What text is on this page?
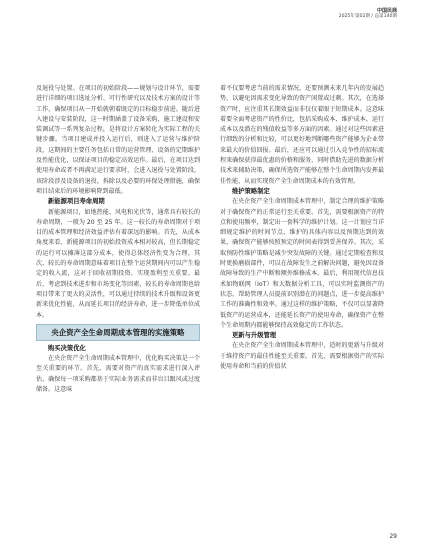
中国民商
2025年第02期 / 总第140期

及退役与处置。在项目的初始阶段——规划与设计环节，需要进行详细的项目选址分析、可行性研究以及技术方案的设计等工作，确保项目从一开始就朝着既定的目标稳步前进。随后进入建设与安装阶段，这一时期涵盖了设备采购、施工建设和安装调试等一系列复杂过程，是将设计方案转化为实际工程的关键步骤。当项目建成并投入运行后，则进入了运营与维护阶段，这期间的主要任务包括日常的运营管理、设备的定期维护及性能优化，以保证项目的稳定高效运作。最后，在项目达到使用寿命或者不再满足运行要求时，会进入退役与处置阶段，该阶段涉及设备的退役、拆除以及必要的环保处理措施，确保项目结束后的环境影响降到最低。

新能源项目寿命周期

新能源项目，如地热能、风电和光伏等，通常具有较长的寿命周期，一般为 20 至 25 年。这一较长的寿命周期对于项目的成本管理和经济效益评估有着深远的影响。首先，从成本角度来看，新能源项目的初始投资成本相对较高，但长期稳定的运行可以摊薄这部分成本，使得总体经济性变为合理。其次，较长的寿命周期意味着项目在整个运营期间内可以产生稳定的收入流，这对于回收初期投资、实现盈利至关重要。最后，考虑到技术进步和市场变化等因素，较长的寿命周期也给项目带来了更大的灵活性，可以通过持续的技术升级和设备更新来优化性能，从而延长项目的经济寿命，进一步降低单位成本。

央企资产全生命周期成本管理的实施策略

购买决策优化

在央企资产全生命周期成本管理中，优化购买决策是一个至关重要的环节。首先，需要对资产的真实需求进行深入评估，确保每一项采购都基于实际业务需求而非盲目跟风或过度储备。这意味

着不仅要考虑当前的需求情况，还要预测未来几年内的发展趋势，以避免因需求变化导致的资产闲置或过剩。其次，在选择资产时，应注重其长期效益而非仅仅着眼于短期成本。这意味着要全面考虑资产的性价比，包括采购成本、维护成本、运行成本以及潜在的残值收益等多方面的因素。通过对这些因素进行细致的分析和比较，可以更好地判断哪些资产能够为企业带来最大的价值回报。最后，还应可以通过引入竞争性的招标流程来确保获得最优惠的价格和服务，同时借助先进的数据分析技术来辅助决策，确保所选资产能够在整个生命周期内发挥最佳性能，从而实现资产全生命周期成本的有效管理。

维护策略制定

在央企资产全生命周期成本管理中，制定合理的维护策略对于确保资产的正常运行至关重要。首先，需要根据资产的特点和使用频率，制定出一套科学的维护计划。这一计划应当详细规定维护的时间节点、维护的具体内容以及预期达到的效果，确保资产能够按照预定的时间表得到妥善保养。其次，采取预防性维护策略是减少突发故障的关键。通过定期检查和及时更换磨损部件，可以在故障发生之前解决问题，避免因设备故障导致的生产中断和额外维修成本。最后，利用现代信息技术如物联网（IoT）和大数据分析工具，可以实时监测资产的状态，帮助管理人员提前识别潜在的问题点，进一步提高维护工作的准确性和效率。通过这样的维护策略，不仅可以显著降低资产的运营成本，还能延长资产的使用寿命，确保资产在整个生命周期内都能够保持高效稳定的工作状态。

更新与升级管理

在央企资产全生命周期成本管理中，适时的更新与升级对于维持资产的最佳性能至关重要。首先，需要根据资产的实际使用寿命和当前的价值状

29
